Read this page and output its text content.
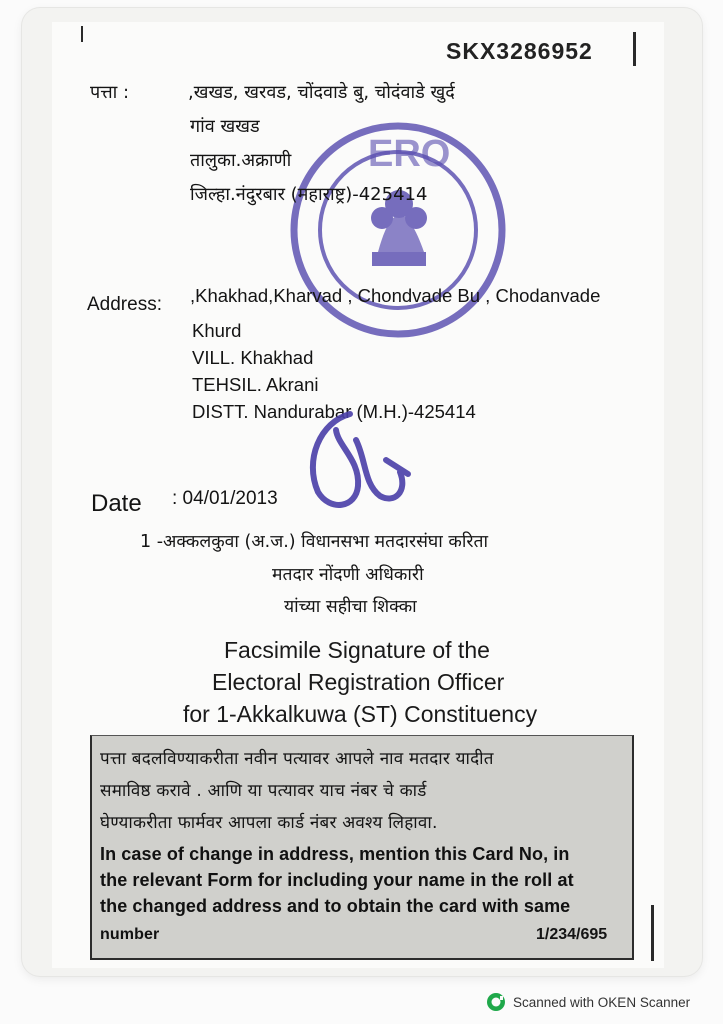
ERO
SKX3286952
पत्ता :	,खखड, खरवड, चोंदवाडे बु, चोदंवाडे खुर्द
गांव खखड
तालुका.अक्राणी
जिल्हा.नंदुरबार (महाराष्ट्र)-425414
Address: ,Khakhad,Kharvad , Chondvade Bu , Chodanvade
Khurd
VILL. Khakhad
TEHSIL. Akrani
DISTT. Nandurabar (M.H.)-425414
Date : 04/01/2013
1 -अक्कलकुवा (अ.ज.) विधानसभा मतदारसंघा करिता
मतदार नोंदणी अधिकारी
यांच्या सहीचा शिक्का
Facsimile Signature of the
Electoral Registration Officer
for 1-Akkalkuwa (ST) Constituency
पत्ता बदलविण्याकरीता नवीन पत्यावर आपले नाव मतदार यादीत
समाविष्ठ करावे . आणि या पत्यावर याच नंबर चे कार्ड
घेण्याकरीता फार्मवर आपला कार्ड नंबर अवश्य लिहावा.
In case of change in address, mention this Card No, in
the relevant Form for including your name in the roll at
the changed address and to obtain the card with same
number	1/234/695
Scanned with OKEN Scanner
